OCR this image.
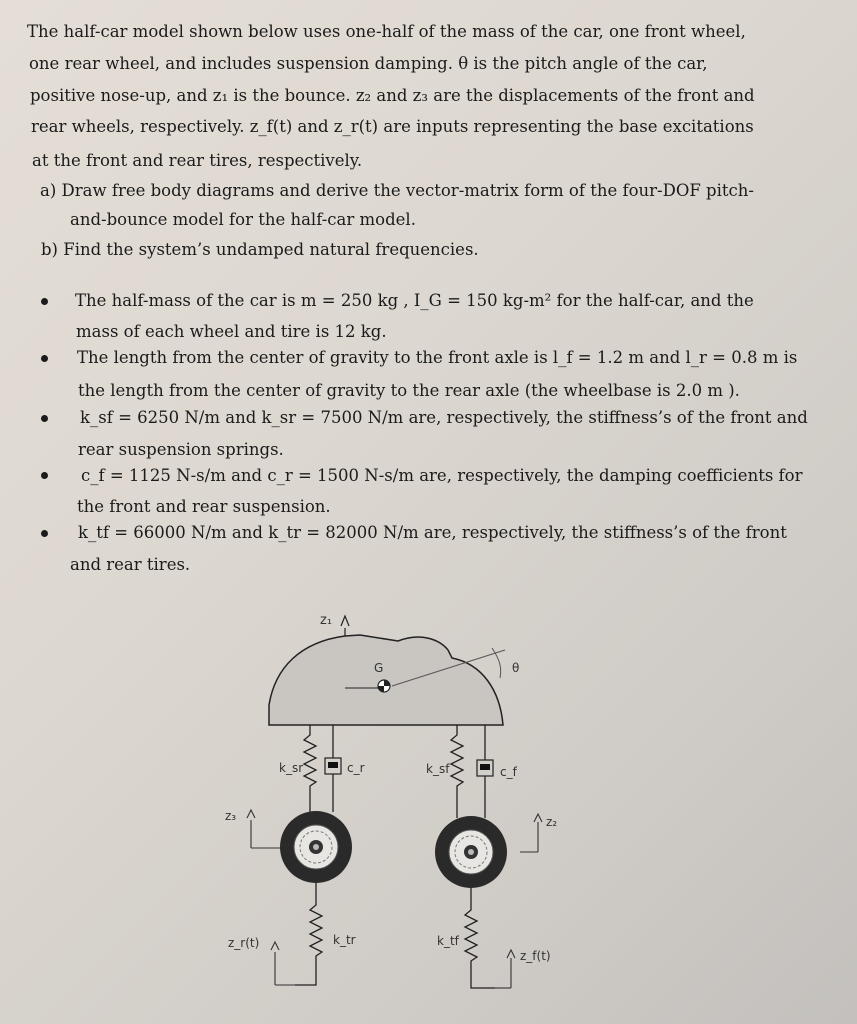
The half-car model shown below uses one-half of the mass of the car, one front wheel,
one rear wheel, and includes suspension damping. θ is the pitch angle of the car,
positive nose-up, and z₁ is the bounce. z₂ and z₃ are the displacements of the front and
rear wheels, respectively. z_f(t) and z_r(t) are inputs representing the base excitations
at the front and rear tires, respectively.
a) Draw free body diagrams and derive the vector-matrix form of the four-DOF pitch-
and-bounce model for the half-car model.
b) Find the system’s undamped natural frequencies.
The half-mass of the car is m = 250 kg , I_G = 150 kg-m² for the half-car, and the
mass of each wheel and tire is 12 kg.
The length from the center of gravity to the front axle is l_f = 1.2 m and l_r = 0.8 m is
the length from the center of gravity to the rear axle (the wheelbase is 2.0 m ).
k_sf = 6250 N/m and k_sr = 7500 N/m are, respectively, the stiffness’s of the front and
rear suspension springs.
c_f = 1125 N-s/m and c_r = 1500 N-s/m are, respectively, the damping coefficients for
the front and rear suspension.
k_tf = 66000 N/m and k_tr = 82000 N/m are, respectively, the stiffness’s of the front
and rear tires.
z₁
G	θ
k_sr	c_r	k_sf	c_f
z₃	z₂
k_tr
z_r(t)	k_tf
z_f(t)
